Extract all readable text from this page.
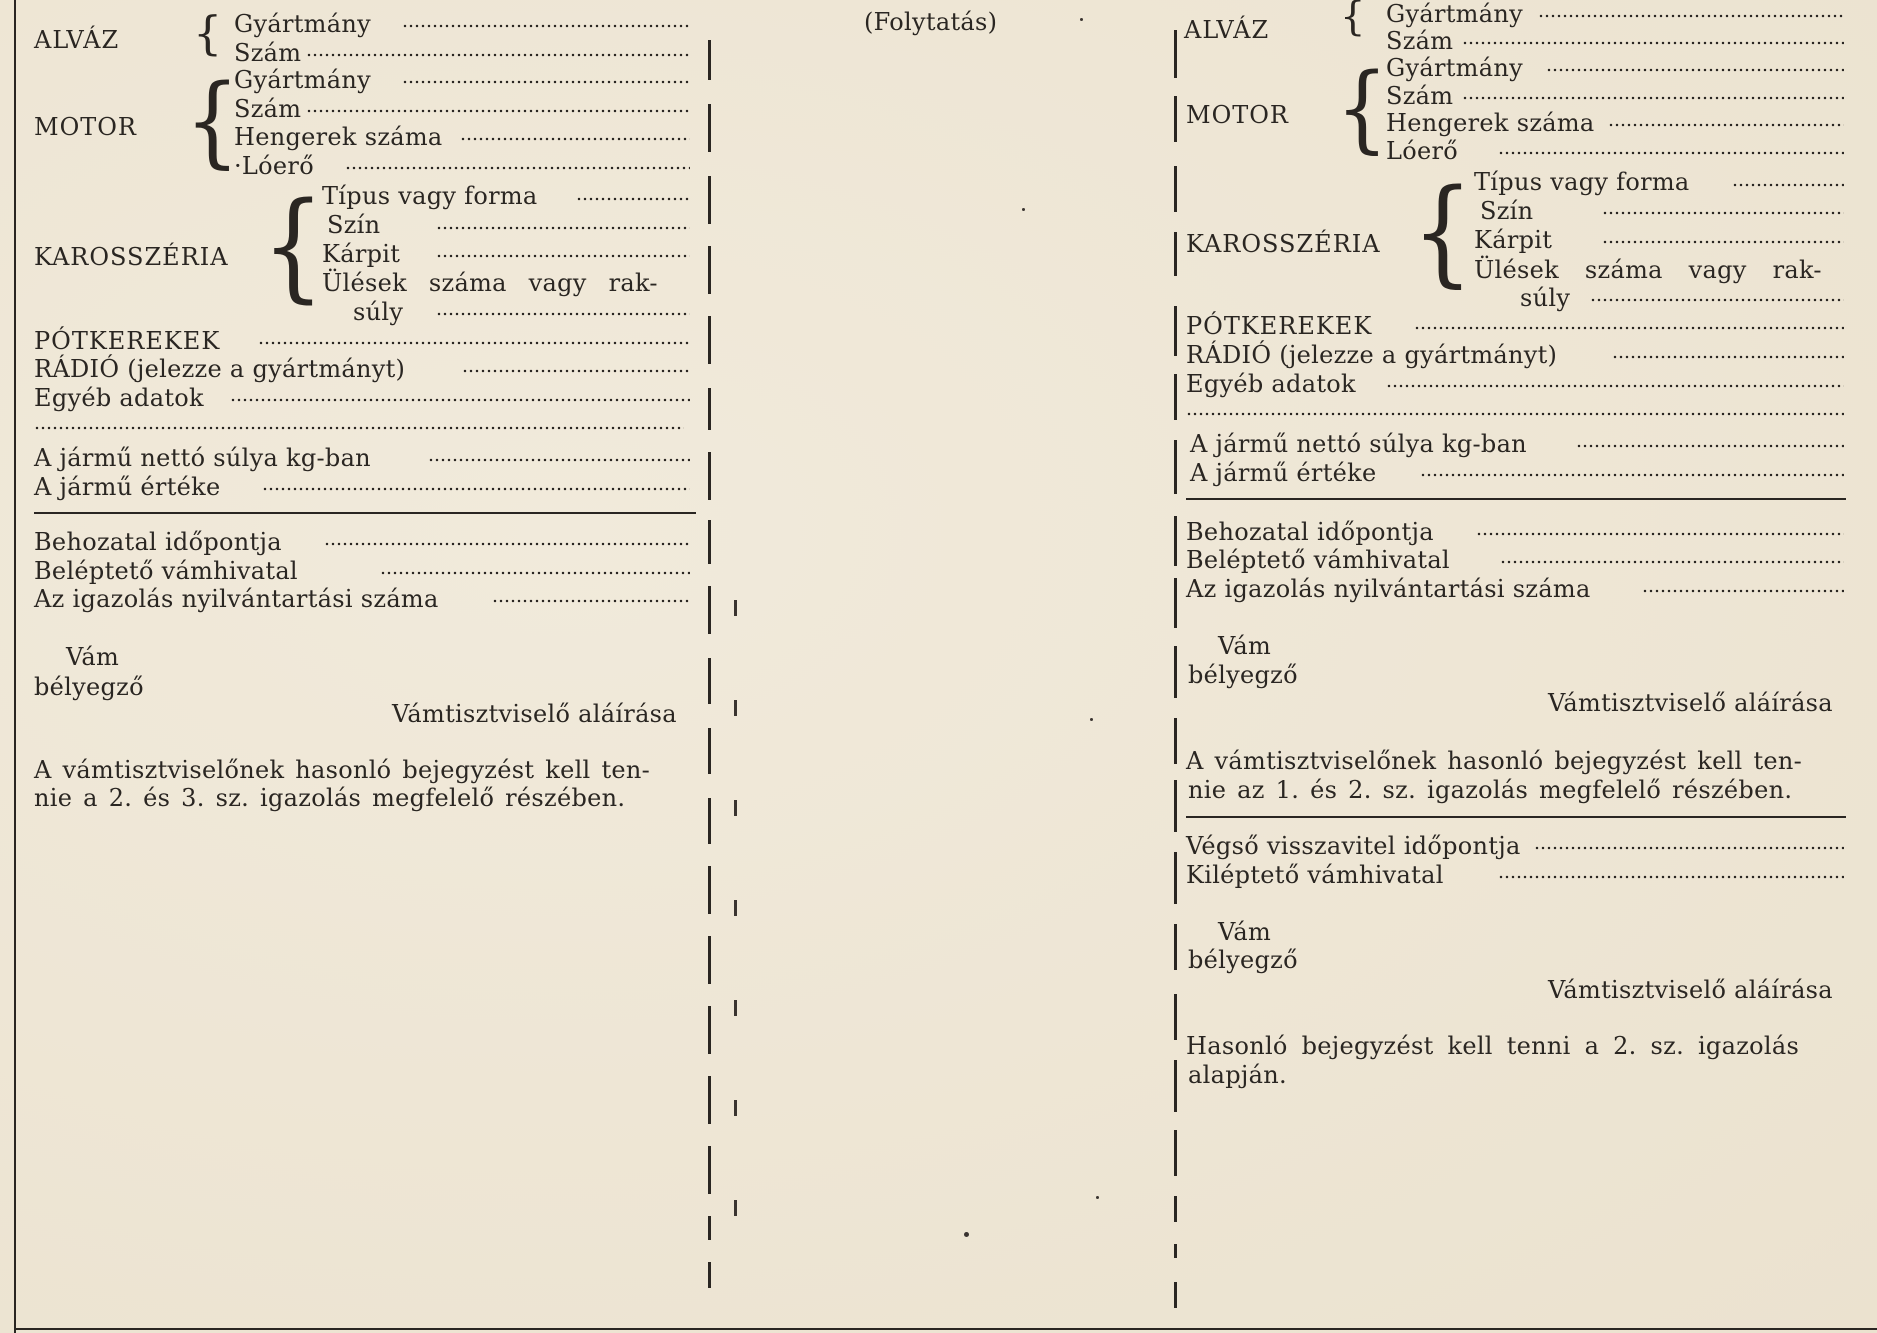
ALVÁZ { Gyártmány
Szám
MOTOR {
Gyártmány
Szám
Hengerek száma
·Lóerő
KAROSSZÉRIA {
Típus vagy forma
Szín
Kárpit
Ülések száma vagy rak-
súly
PÓTKEREKEK
RÁDIÓ (jelezze a gyártmányt)
Egyéb adatok
A jármű nettó súlya kg-ban
A jármű értéke
Behozatal időpontja
Beléptető vámhivatal
Az igazolás nyilvántartási száma
Vám
bélyegző
Vámtisztviselő aláírása
A vámtisztviselőnek hasonló bejegyzést kell ten-
nie a 2. és 3. sz. igazolás megfelelő részében.
(Folytatás)	ALVÁZ { Gyártmány
Szám
MOTOR {
Gyártmány
Szám
Hengerek száma
Lóerő
KAROSSZÉRIA { Típus vagy forma
Szín
Kárpit
Ülések száma vagy rak-
súly
PÓTKEREKEK
RÁDIÓ (jelezze a gyártmányt)
Egyéb adatok
A jármű nettó súlya kg-ban
A jármű értéke
Behozatal időpontja
Beléptető vámhivatal
Az igazolás nyilvántartási száma
Vám
bélyegző
Vámtisztviselő aláírása
A vámtisztviselőnek hasonló bejegyzést kell ten-
nie az 1. és 2. sz. igazolás megfelelő részében.
Végső visszavitel időpontja
Kiléptető vámhivatal
Vám
bélyegző
Vámtisztviselő aláírása
Hasonló bejegyzést kell tenni a 2. sz. igazolás
alapján.
